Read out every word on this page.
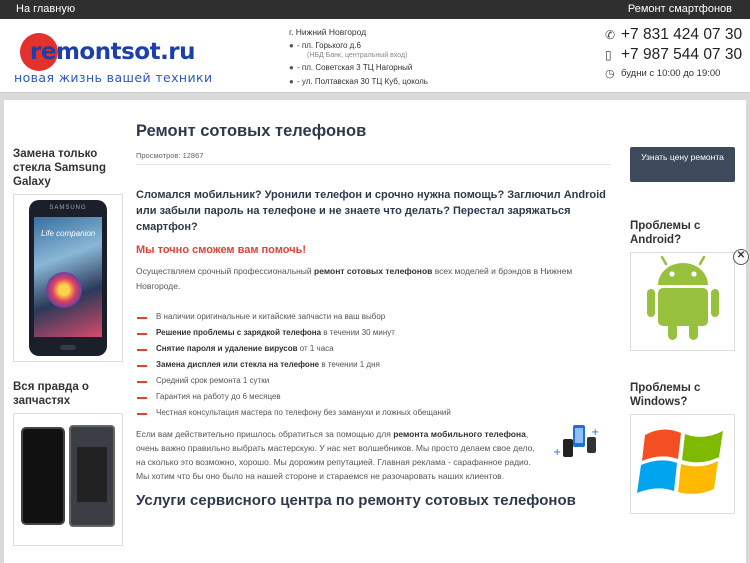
На главную	Ремонт смартфонов
remontsot.ru
новая жизнь вашей техники
г. Нижний Новгород
● - пл. Горького д.6
(НБД Банк, центральный вход)
● - пл. Советская 3 ТЦ Нагорный
● - ул. Полтавская 30 ТЦ Куб, цоколь
✆ +7 831 424 07 30
▯ +7 987 544 07 30
◷ будни с 10:00 до 19:00
Замена только стекла Samsung Galaxy
SAMSUNG
Life companion
Вся правда о запчастях
Ремонт сотовых телефонов
Просмотров: 12867
Сломался мобильник? Уронили телефон и срочно нужна помощь? Заглючил Android или забыли пароль на телефоне и не знаете что делать? Перестал заряжаться смартфон?
Мы точно сможем вам помочь!
Осуществляем срочный профессиональный ремонт сотовых телефонов всех моделей и брэндов в Нижнем Новгороде.
В наличии оригинальные и китайские запчасти на ваш выбор
Решение проблемы с зарядкой телефона в течении 30 минут
Снятие пароля и удаление вирусов от 1 часа
Замена дисплея или стекла на телефоне в течении 1 дня
Средний срок ремонта 1 сутки
Гарантия на работу до 6 месяцев
Честная консультация мастера по телефону без заманухи и ложных обещаний
Если вам действительно пришлось обратиться за помощью для ремонта мобильного телефона, очень важно правильно выбрать мастерскую. У нас нет волшебников. Мы просто делаем свое дело, на сколько это возможно, хорошо. Мы дорожим репутацией. Главная реклама - сарафанное радио. Мы хотим что бы оно было на нашей стороне и стараемся не разочаровать наших клиентов.
+
+
Услуги сервисного центра по ремонту сотовых телефонов
Узнать цену ремонта
Проблемы с Android?
Проблемы с Windows?
✕
